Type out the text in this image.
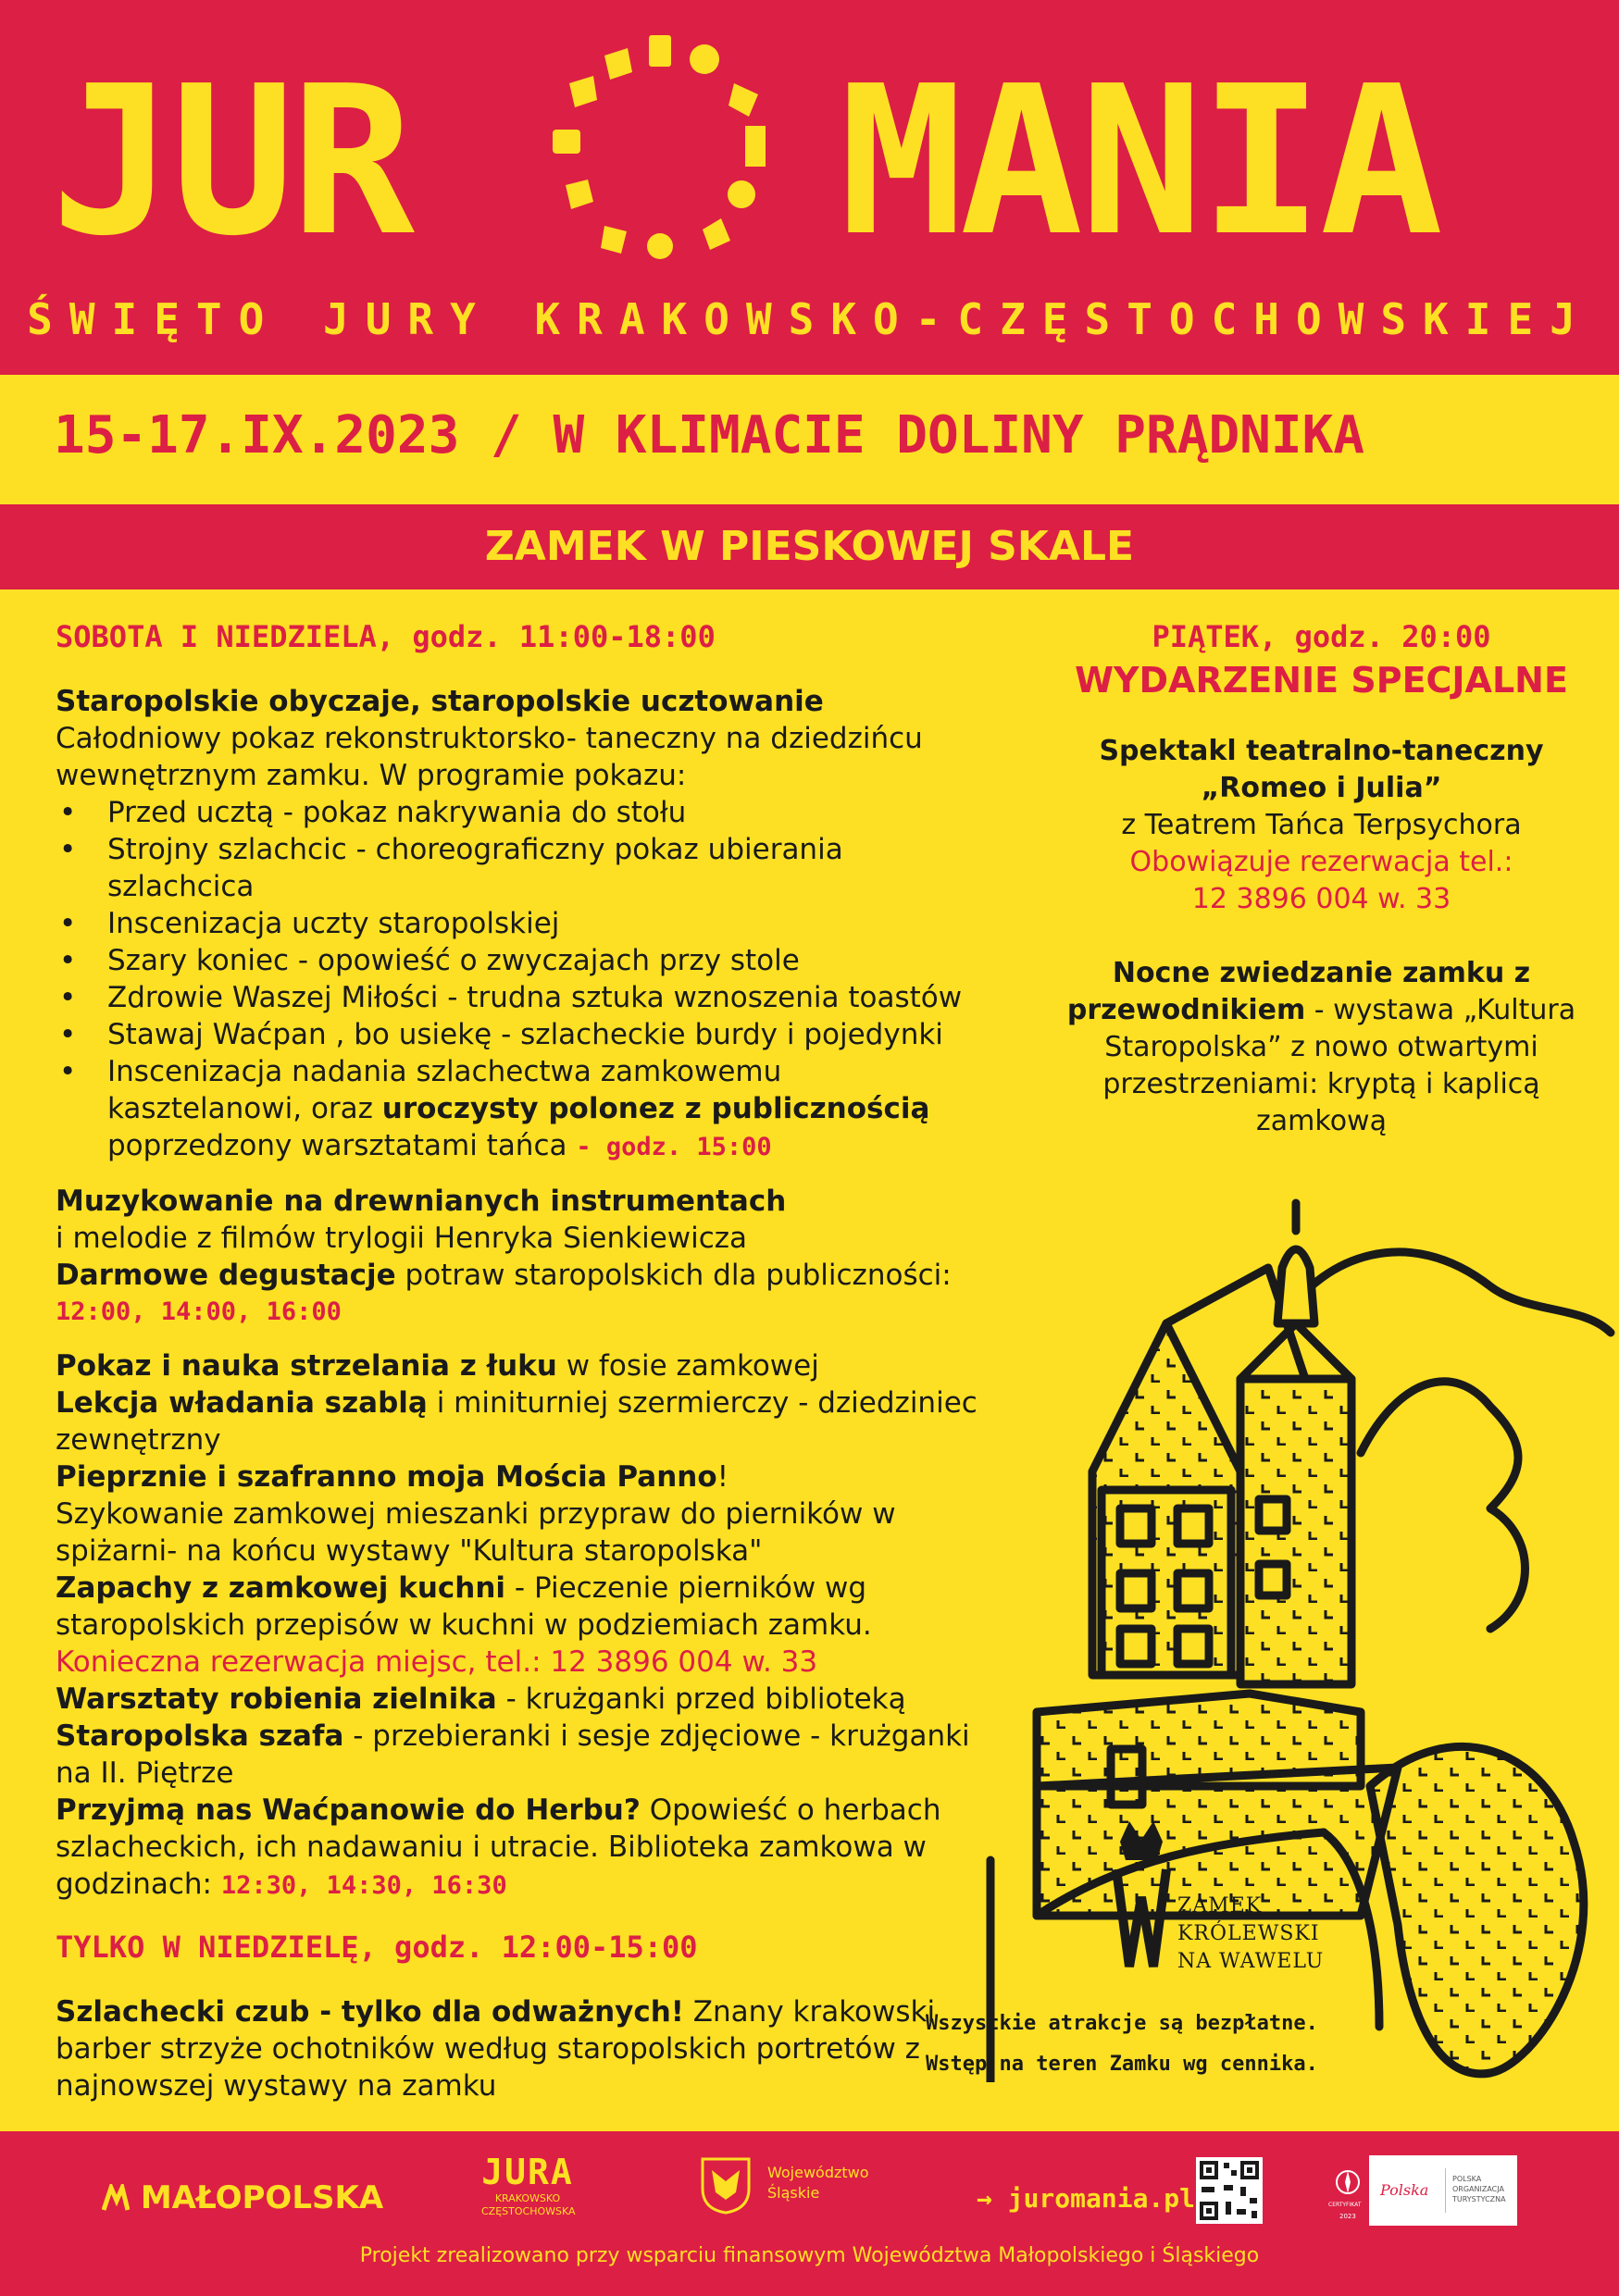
JUR MANIA
ŚWIĘTO JURY KRAKOWSKO-CZĘSTOCHOWSKIEJ
15-17.IX.2023 / W KLIMACIE DOLINY PRĄDNIKA
ZAMEK W PIESKOWEJ SKALE

SOBOTA I NIEDZIELA, godz. 11:00-18:00

Staropolskie obyczaje, staropolskie ucztowanie

Całodniowy pokaz rekonstruktorsko- taneczny na dziedzińcu wewnętrznym zamku. W programie pokazu:

• Przed ucztą - pokaz nakrywania do stołu
• Strojny szlachcic - choreograficzny pokaz ubierania szlachcica
• Inscenizacja uczty staropolskiej
• Szary koniec - opowieść o zwyczajach przy stole
• Zdrowie Waszej Miłości - trudna sztuka wznoszenia toastów
• Stawaj Waćpan , bo usiekę - szlacheckie burdy i pojedynki
• Inscenizacja nadania szlachectwa zamkowemu kasztelanowi, oraz uroczysty polonez z publicznością poprzedzony warsztatami tańca - godz. 15:00

Muzykowanie na drewnianych instrumentach

i melodie z filmów trylogii Henryka Sienkiewicza

Darmowe degustacje potraw staropolskich dla publiczności:

12:00, 14:00, 16:00

Pokaz i nauka strzelania z łuku w fosie zamkowej

Lekcja władania szablą i miniturniej szermierczy - dziedziniec zewnętrzny

Pieprznie i szafranno moja Mościa Panno!

Szykowanie zamkowej mieszanki przypraw do pierników w spiżarni- na końcu wystawy "Kultura staropolska"

Zapachy z zamkowej kuchni - Pieczenie pierników wg staropolskich przepisów w kuchni w podziemiach zamku.

Konieczna rezerwacja miejsc, tel.: 12 3896 004 w. 33

Warsztaty robienia zielnika - krużganki przed biblioteką

Staropolska szafa - przebieranki i sesje zdjęciowe - krużganki na II. Piętrze

Przyjmą nas Waćpanowie do Herbu? Opowieść o herbach szlacheckich, ich nadawaniu i utracie. Biblioteka zamkowa w godzinach: 12:30, 14:30, 16:30

TYLKO W NIEDZIELĘ, godz. 12:00-15:00

Szlachecki czub - tylko dla odważnych! Znany krakowski barber strzyże ochotników według staropolskich portretów z najnowszej wystawy na zamku

PIĄTEK, godz. 20:00

WYDARZENIE SPECJALNE

Spektakl teatralno-taneczny

„Romeo i Julia”

z Teatrem Tańca Terpsychora

Obowiązuje rezerwacja tel.:

12 3896 004 w. 33

Nocne zwiedzanie zamku z przewodnikiem - wystawa „Kultura Staropolska” z nowo otwartymi przestrzeniami: kryptą i kaplicą zamkową

ZAMEK
KRÓLEWSKI
NA WAWELU
Wszystkie atrakcje są bezpłatne.
Wstęp na teren Zamku wg cennika.
MAŁOPOLSKA
JURA
KRAKOWSKO
CZĘSTOCHOWSKA
Województwo
Śląskie	→ juromania.pl	CERTYFIKAT
2023
Polska
POLSKA
ORGANIZACJA
TURYSTYCZNA
Projekt zrealizowano przy wsparciu finansowym Województwa Małopolskiego i Śląskiego
